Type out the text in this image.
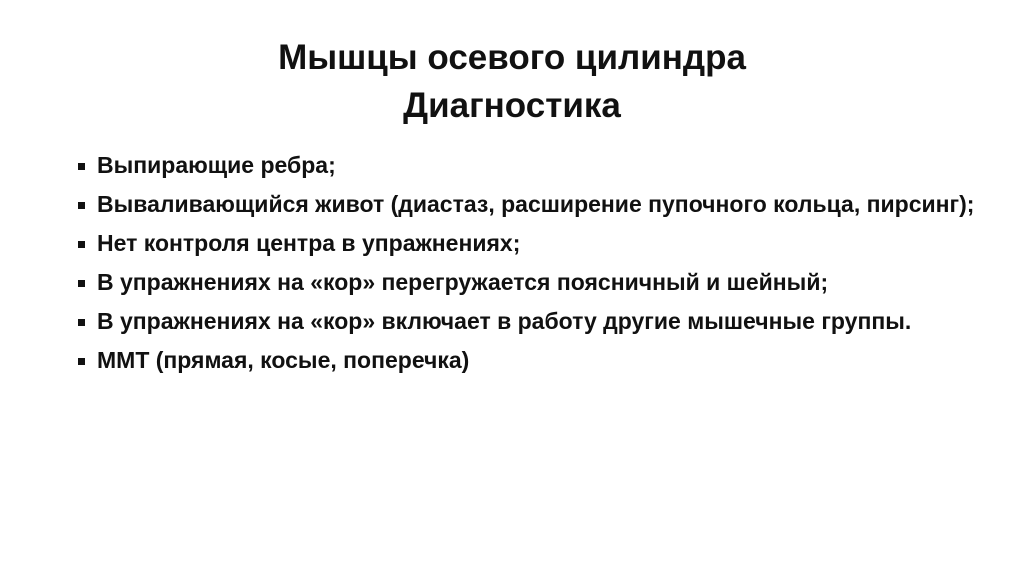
Мышцы осевого цилиндра
Диагностика
Выпирающие ребра;
Вываливающийся живот (диастаз, расширение пупочного кольца, пирсинг);
Нет контроля центра в упражнениях;
В упражнениях на «кор» перегружается поясничный и шейный;
В упражнениях на «кор» включает в работу другие мышечные группы.
ММТ (прямая, косые, поперечка)
